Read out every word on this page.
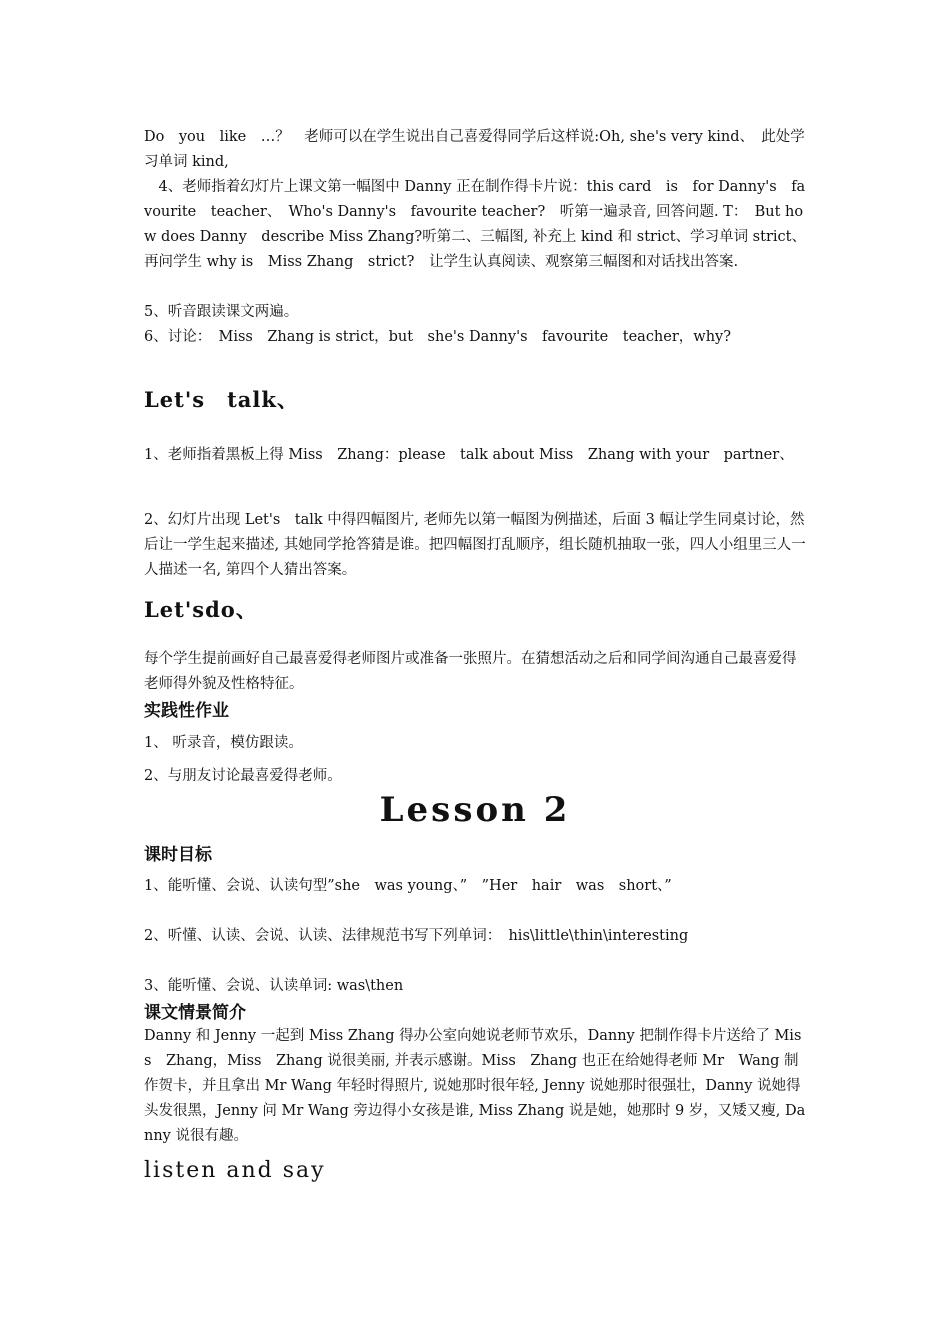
Do　you　like　…？　老师可以在学生说出自己喜爱得同学后这样说:Oh, she's very kind、　此处学习单词 kind,

　4、老师指着幻灯片上课文第一幅图中 Danny 正在制作得卡片说：this card　is　for Danny's　favourite　teacher、　Who's Danny's　favourite teacher?　听第一遍录音, 回答问题. T：　But how does Danny　describe Miss Zhang?听第二、三幅图, 补充上 kind 和 strict、学习单词 strict、再问学生 why is　Miss Zhang　strict?　让学生认真阅读、观察第三幅图和对话找出答案.

5、听音跟读课文两遍。

6、讨论：　Miss　Zhang is strict，but　she's Danny's　favourite　teacher，why?

Let's　talk、

1、老师指着黑板上得 Miss　Zhang：please　talk about Miss　Zhang with your　partner、

2、幻灯片出现 Let's　talk 中得四幅图片, 老师先以第一幅图为例描述，后面 3 幅让学生同桌讨论，然后让一学生起来描述, 其她同学抢答猜是谁。把四幅图打乱顺序，组长随机抽取一张，四人小组里三人一人描述一名, 第四个人猜出答案。

Let'sdo、

每个学生提前画好自己最喜爱得老师图片或准备一张照片。在猜想活动之后和同学间沟通自己最喜爱得老师得外貌及性格特征。

实践性作业

1、 听录音，模仿跟读。

2、与朋友讨论最喜爱得老师。

Lesson 2
课时目标

1、能听懂、会说、认读句型”she　was young、”　”Her　hair　was　short、”

2、听懂、认读、会说、认读、法律规范书写下列单词：　his\little\thin\interesting

3、能听懂、会说、认读单词: was\then

课文情景简介

Danny 和 Jenny 一起到 Miss Zhang 得办公室向她说老师节欢乐，Danny 把制作得卡片送给了 Miss　Zhang，Miss　Zhang 说很美丽, 并表示感谢。Miss　Zhang 也正在给她得老师 Mr　Wang 制作贺卡，并且拿出 Mr Wang 年轻时得照片, 说她那时很年轻, Jenny 说她那时很强壮，Danny 说她得头发很黑，Jenny 问 Mr Wang 旁边得小女孩是谁, Miss Zhang 说是她，她那时 9 岁，又矮又瘦, Danny 说很有趣。

listen and say
